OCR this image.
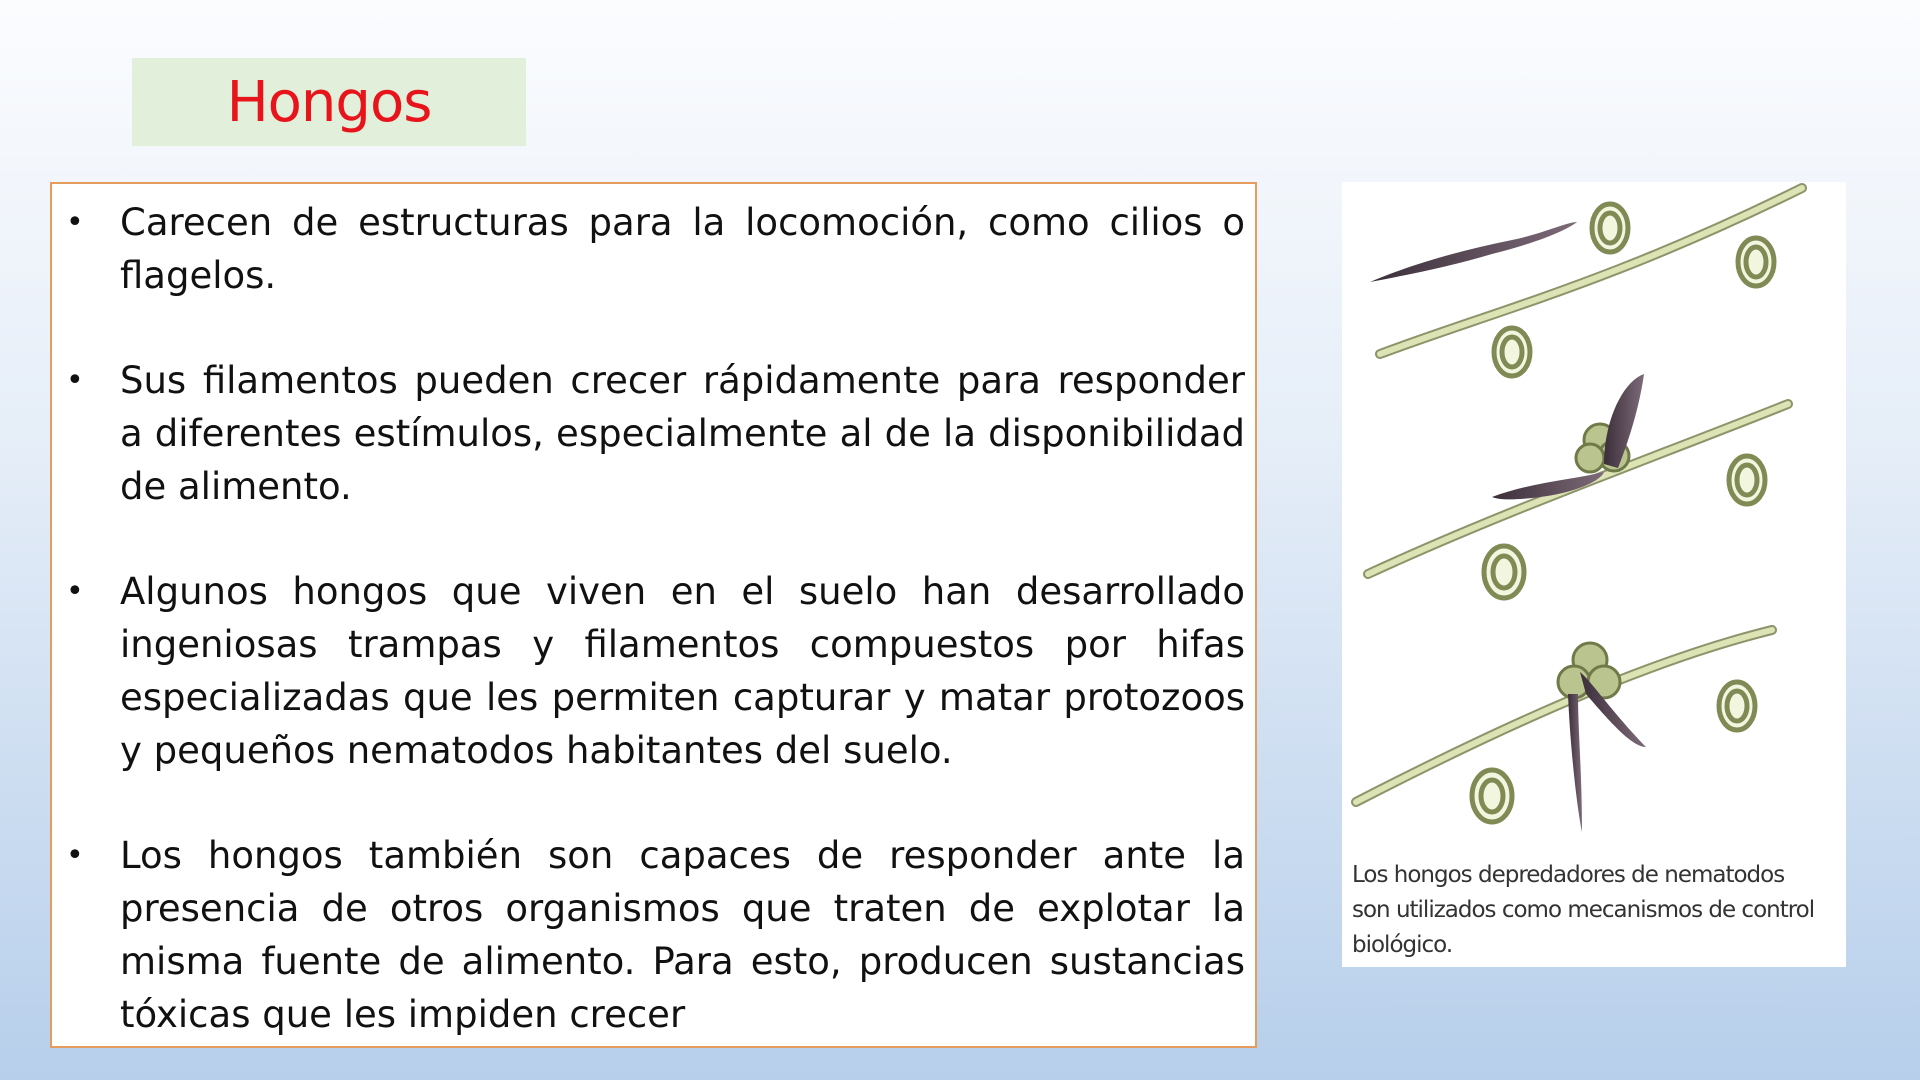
Hongos
• Carecen de estructuras para la locomoción, como cilios o flagelos.
• Sus filamentos pueden crecer rápidamente para responder a diferentes estímulos, especialmente al de la disponibilidad de alimento.
• Algunos hongos que viven en el suelo han desarrollado ingeniosas trampas y filamentos compuestos por hifas especializadas que les permiten capturar y matar protozoos y pequeños nematodos habitantes del suelo.
• Los hongos también son capaces de responder ante la presencia de otros organismos que traten de explotar la misma fuente de alimento. Para esto, producen sustancias tóxicas que les impiden crecer
Los hongos depredadores de nematodos son utilizados como mecanismos de control biológico.
